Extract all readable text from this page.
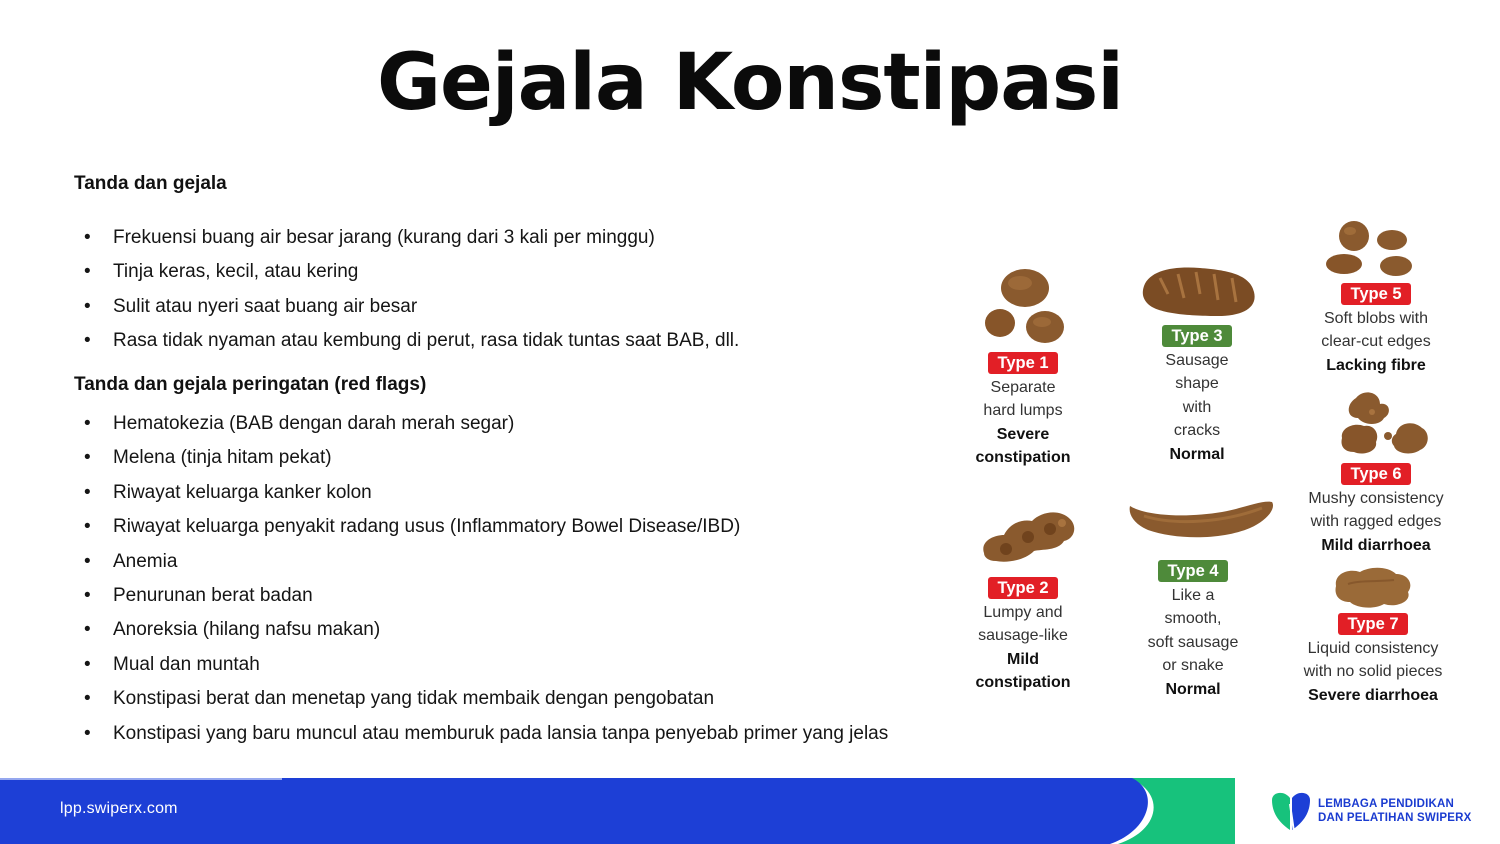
Gejala Konstipasi
Tanda dan gejala
• Frekuensi buang air besar jarang (kurang dari 3 kali per minggu)
• Tinja keras, kecil, atau kering
• Sulit atau nyeri saat buang air besar
• Rasa tidak nyaman atau kembung di perut, rasa tidak tuntas saat BAB, dll.
Tanda dan gejala peringatan (red flags)
• Hematokezia (BAB dengan darah merah segar)
• Melena (tinja hitam pekat)
• Riwayat keluarga kanker kolon
• Riwayat keluarga penyakit radang usus (Inflammatory Bowel Disease/IBD)
• Anemia
• Penurunan berat badan
• Anoreksia (hilang nafsu makan)
• Mual dan muntah
• Konstipasi berat dan menetap yang tidak membaik dengan pengobatan
• Konstipasi yang baru muncul atau memburuk pada lansia tanpa penyebab primer yang jelas
Type 1
Separate
hard lumps
Severe
constipation
Type 2
Lumpy and
sausage-like
Mild
constipation
Type 3
Sausage
shape
with
cracks
Normal
Type 4
Like a
smooth,
soft sausage
or snake
Normal
Type 5
Soft blobs with
clear-cut edges
Lacking fibre
Type 6
Mushy consistency
with ragged edges
Mild diarrhoea
Type 7
Liquid consistency
with no solid pieces
Severe diarrhoea
lpp.swiperx.com	LEMBAGA PENDIDIKAN
DAN PELATIHAN SWIPERX
